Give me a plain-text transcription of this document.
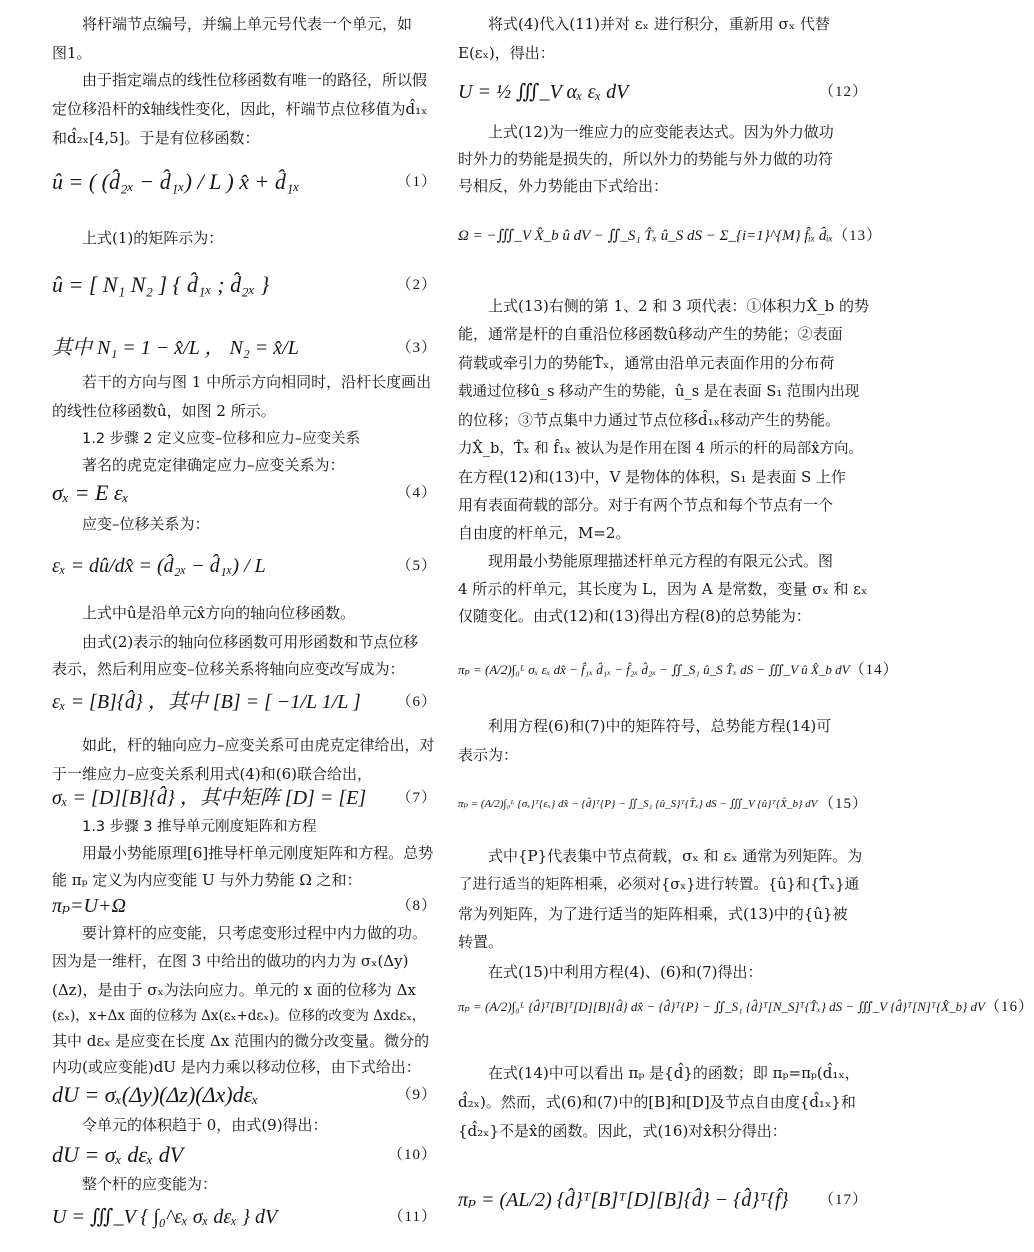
将杆端节点编号，并编上单元号代表一个单元，如
图1。
由于指定端点的线性位移函数有唯一的路径，所以假
定位移沿杆的x̂轴线性变化，因此，杆端节点位移值为d̂₁ₓ
和d̂₂ₓ[4,5]。于是有位移函数：
û = ( (d̂₂ₓ − d̂₁ₓ) / L ) x̂ + d̂₁ₓ	（1）
上式(1)的矩阵示为：
û = [ N₁ N₂ ] { d̂₁ₓ ; d̂₂ₓ }	（2）
其中 N₁ = 1 − x̂/L ， N₂ = x̂/L	（3）
若干的方向与图 1 中所示方向相同时，沿杆长度画出
的线性位移函数û，如图 2 所示。
1.2 步骤 2 定义应变–位移和应力–应变关系
著名的虎克定律确定应力–应变关系为：
σₓ = E εₓ	（4）
应变–位移关系为：
εₓ = dû/dx̂ = (d̂₂ₓ − d̂₁ₓ) / L	（5）
上式中û是沿单元x̂方向的轴向位移函数。
由式(2)表示的轴向位移函数可用形函数和节点位移
表示，然后利用应变–位移关系将轴向应变改写成为：
εₓ = [B]{d̂} ，其中 [B] = [ −1/L 1/L ] （6）
如此，杆的轴向应力–应变关系可由虎克定律给出，对
于一维应力–应变关系利用式(4)和(6)联合给出，
σₓ = [D][B]{d̂} ，其中矩阵 [D] = [E] （7）
1.3 步骤 3 推导单元刚度矩阵和方程
用最小势能原理[6]推导杆单元刚度矩阵和方程。总势
能 πₚ 定义为内应变能 U 与外力势能 Ω 之和：
πₚ=U+Ω	（8）
要计算杆的应变能，只考虑变形过程中内力做的功。
因为是一维杆，在图 3 中给出的做功的内力为 σₓ(Δy)
(Δz)，是由于 σₓ为法向应力。单元的 x 面的位移为 Δx
(εₓ)，x+Δx 面的位移为 Δx(εₓ+dεₓ)。位移的改变为 Δxdεₓ，
其中 dεₓ 是应变在长度 Δx 范围内的微分改变量。微分的
内功(或应变能)dU 是内力乘以移动位移，由下式给出：
dU = σₓ(Δy)(Δz)(Δx)dεₓ	（9）
令单元的体积趋于 0，由式(9)得出：
dU = σₓ dεₓ dV	（10）
整个杆的应变能为：
U = ∭_V { ∫₀^εₓ σₓ dεₓ } dV	（11）
将式(4)代入(11)并对 εₓ 进行积分，重新用 σₓ 代替
E(εₓ)，得出：
U = ½ ∭_V αₓ εₓ dV	（12）
上式(12)为一维应力的应变能表达式。因为外力做功
时外力的势能是损失的，所以外力的势能与外力做的功符
号相反，外力势能由下式给出：
Ω = −∭_V X̂_b û dV − ∬_S₁ T̂ₓ û_S dS − Σ_{i=1}^{M} f̂ᵢₓ d̂ᵢₓ （13）
上式(13)右侧的第 1、2 和 3 项代表：①体积力X̂_b 的势
能，通常是杆的自重沿位移函数û移动产生的势能；②表面
荷载或牵引力的势能T̂ₓ，通常由沿单元表面作用的分布荷
载通过位移û_s 移动产生的势能，û_s 是在表面 S₁ 范围内出现
的位移；③节点集中力通过节点位移d̂₁ₓ移动产生的势能。
力X̂_b，T̂ₓ 和 f̂₁ₓ 被认为是作用在图 4 所示的杆的局部x̂方向。
在方程(12)和(13)中，V 是物体的体积，S₁ 是表面 S 上作
用有表面荷载的部分。对于有两个节点和每个节点有一个
自由度的杆单元，M=2。
现用最小势能原理描述杆单元方程的有限元公式。图
4 所示的杆单元，其长度为 L，因为 A 是常数，变量 σₓ 和 εₓ
仅随变化。由式(12)和(13)得出方程(8)的总势能为：
πₚ = (A/2)∫₀ᴸ σₓ εₓ dx̂ − f̂₁ₓ d̂₁ₓ − f̂₂ₓ d̂₂ₓ − ∬_S₁ û_S T̂ₓ dS − ∭_V û X̂_b dV （14）
利用方程(6)和(7)中的矩阵符号，总势能方程(14)可
表示为：
πₚ = (A/2)∫₀ᴸ {σₓ}ᵀ{εₓ} dx̂ − {d̂}ᵀ{P} − ∬_S₁ {û_S}ᵀ{T̂ₓ} dS − ∭_V {û}ᵀ{X̂_b} dV （15）
式中{P}代表集中节点荷载，σₓ 和 εₓ 通常为列矩阵。为
了进行适当的矩阵相乘，必须对{σₓ}进行转置。{û}和{T̂ₓ}通
常为列矩阵，为了进行适当的矩阵相乘，式(13)中的{û}被
转置。
在式(15)中利用方程(4)、(6)和(7)得出：
πₚ = (A/2)∫₀ᴸ {d̂}ᵀ[B]ᵀ[D][B]{d̂} dx̂ − {d̂}ᵀ{P} − ∬_S₁ {d̂}ᵀ[N_S]ᵀ{T̂ₓ} dS − ∭_V {d̂}ᵀ[N]ᵀ{X̂_b} dV （16）
在式(14)中可以看出 πₚ 是{d̂}的函数；即 πₚ=πₚ(d̂₁ₓ，
d̂₂ₓ)。然而，式(6)和(7)中的[B]和[D]及节点自由度{d̂₁ₓ}和
{d̂₂ₓ}不是x̂的函数。因此，式(16)对x̂积分得出：
πₚ = (AL/2) {d̂}ᵀ[B]ᵀ[D][B]{d̂} − {d̂}ᵀ{f̂} （17）
